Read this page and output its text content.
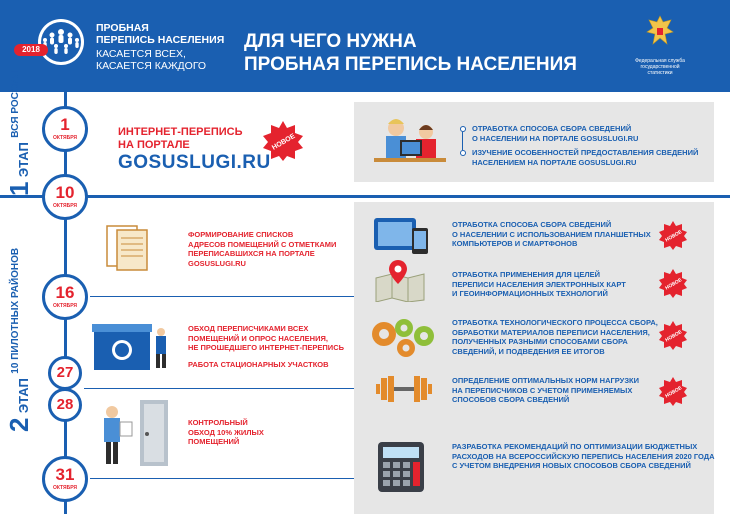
2018
ПРОБНАЯ
ПЕРЕПИСЬ НАСЕЛЕНИЯ
КАСАЕТСЯ ВСЕХ,
КАСАЕТСЯ КАЖДОГО
ДЛЯ ЧЕГО НУЖНА
ПРОБНАЯ ПЕРЕПИСЬ НАСЕЛЕНИЯ	Федеральная служба государственной статистики
1 ЭТАП ВСЯ РОССИЯ
2 ЭТАП 10 ПИЛОТНЫХ РАЙОНОВ
1
ОКТЯБРЯ
10
ОКТЯБРЯ
16
ОКТЯБРЯ
27
28
31
ОКТЯБРЯ
ИНТЕРНЕТ-ПЕРЕПИСЬ
НА ПОРТАЛЕ
GOSUSLUGI.RU
НОВОЕ
ФОРМИРОВАНИЕ СПИСКОВ
АДРЕСОВ ПОМЕЩЕНИЙ С ОТМЕТКАМИ
ПЕРЕПИСАВШИХСЯ НА ПОРТАЛЕ
GOSUSLUGI.RU
ОБХОД ПЕРЕПИСЧИКАМИ ВСЕХ
ПОМЕЩЕНИЙ И ОПРОС НАСЕЛЕНИЯ,
НЕ ПРОШЕДШЕГО ИНТЕРНЕТ-ПЕРЕПИСЬ
РАБОТА СТАЦИОНАРНЫХ УЧАСТКОВ
КОНТРОЛЬНЫЙ
ОБХОД 10% ЖИЛЫХ
ПОМЕЩЕНИЙ
ОТРАБОТКА СПОСОБА СБОРА СВЕДЕНИЙ
О НАСЕЛЕНИИ НА ПОРТАЛЕ GOSUSLUGI.RU
ИЗУЧЕНИЕ ОСОБЕННОСТЕЙ ПРЕДОСТАВЛЕНИЯ СВЕДЕНИЙ
НАСЕЛЕНИЕМ НА ПОРТАЛЕ GOSUSLUGI.RU
ОТРАБОТКА СПОСОБА СБОРА СВЕДЕНИЙ
О НАСЕЛЕНИИ С ИСПОЛЬЗОВАНИЕМ ПЛАНШЕТНЫХ
КОМПЬЮТЕРОВ И СМАРТФОНОВ
НОВОЕ
ОТРАБОТКА ПРИМЕНЕНИЯ ДЛЯ ЦЕЛЕЙ
ПЕРЕПИСИ НАСЕЛЕНИЯ ЭЛЕКТРОННЫХ КАРТ
И ГЕОИНФОРМАЦИОННЫХ ТЕХНОЛОГИЙ
НОВОЕ
ОТРАБОТКА ТЕХНОЛОГИЧЕСКОГО ПРОЦЕССА СБОРА,
ОБРАБОТКИ МАТЕРИАЛОВ ПЕРЕПИСИ НАСЕЛЕНИЯ,
ПОЛУЧЕННЫХ РАЗНЫМИ СПОСОБАМИ СБОРА
СВЕДЕНИЙ, И ПОДВЕДЕНИЯ ЕЕ ИТОГОВ
НОВОЕ
ОПРЕДЕЛЕНИЕ ОПТИМАЛЬНЫХ НОРМ НАГРУЗКИ
НА ПЕРЕПИСЧИКОВ С УЧЕТОМ ПРИМЕНЯЕМЫХ
СПОСОБОВ СБОРА СВЕДЕНИЙ
НОВОЕ
РАЗРАБОТКА РЕКОМЕНДАЦИЙ ПО ОПТИМИЗАЦИИ БЮДЖЕТНЫХ
РАСХОДОВ НА ВСЕРОССИЙСКУЮ ПЕРЕПИСЬ НАСЕЛЕНИЯ 2020 ГОДА
С УЧЕТОМ ВНЕДРЕНИЯ НОВЫХ СПОСОБОВ СБОРА СВЕДЕНИЙ
